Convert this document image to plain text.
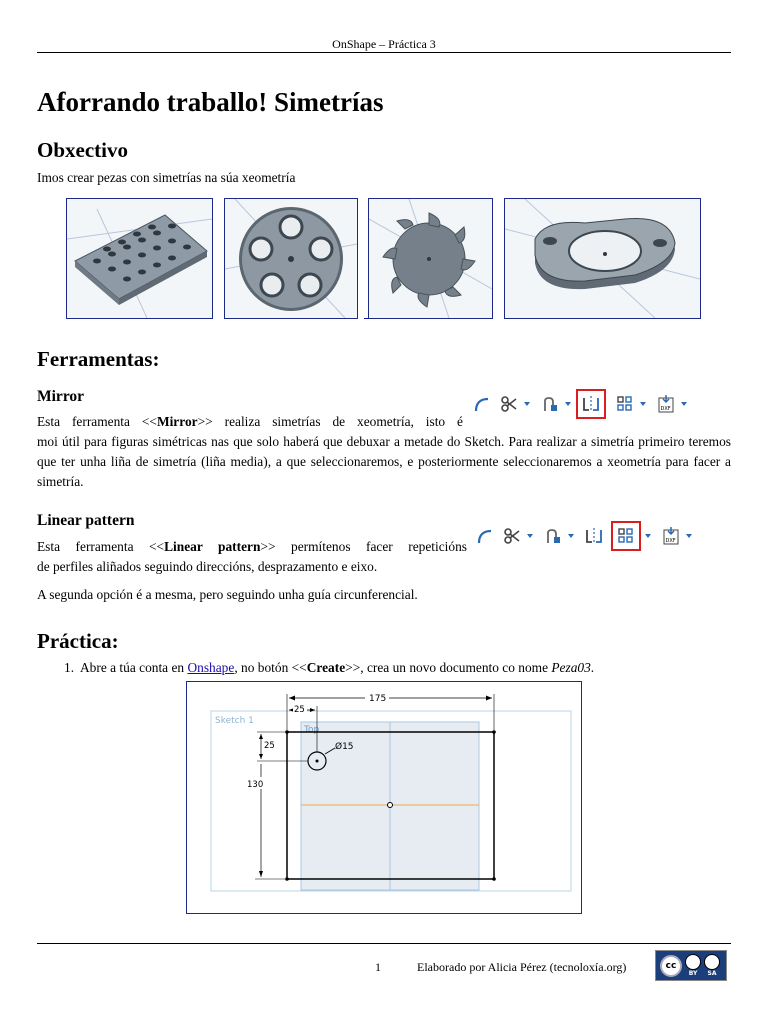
OnShape – Práctica 3
Aforrando traballo! Simetrías
Obxectivo
Imos crear pezas con simetrías na súa xeometría
Ferramentas:
Mirror
DXF
Esta ferramenta <<Mirror>> realiza simetrías de xeometría, isto é
moi útil para figuras simétricas nas que solo haberá que debuxar a metade do Sketch. Para realizar a simetría primeiro teremos que ter unha liña de simetría (liña media), a que seleccionaremos, e posteriormente seleccionaremos a xeometría para facer a simetría.
Linear pattern
DXF
Esta ferramenta <<Linear pattern>> permítenos facer repeticións
de perfiles aliñados seguindo direccións, desprazamento e eixo.
A segunda opción é a mesma, pero seguindo unha guía circunferencial.
Práctica:
1. Abre a túa conta en Onshape, no botón <<Create>>, crea un novo documento co nome Peza03.
Sketch 1
Top
Ø15
175
25
25
130
1	Elaborado por Alicia Pérez (tecnoloxía.org)	cc
BY SA
